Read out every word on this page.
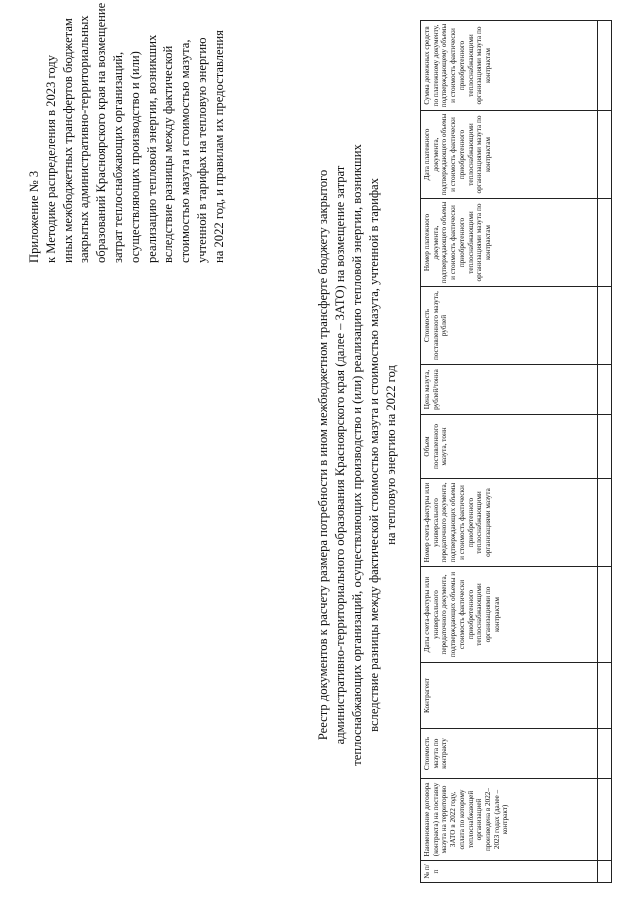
Приложение № 3 к Методике распределения в 2023 году иных межбюджетных трансфертов бюджетам закрытых административно-территориальных образований Красноярского края на возмещение затрат теплоснабжающих организаций, осуществляющих производство и (или) реализацию тепловой энергии, возникших вследствие разницы между фактической стоимостью мазута и стоимостью мазута, учтенной в тарифах на тепловую энергию на 2022 год, и правилам их предоставления
Реестр документов к расчету размера потребности в ином межбюджетном трансферте бюджету закрытого административно-территориального образования Красноярского края (далее – ЗАТО) на возмещение затрат теплоснабжающих организаций, осуществляющих производство и (или) реализацию тепловой энергии, возникших вследствие разницы между фактической стоимостью мазута и стоимостью мазута, учтенной в тарифах на тепловую энергию на 2022 год
№ п/п	Наименование договора (контракта) на поставку мазута на территорию ЗАТО в 2022 году, оплата по которому теплоснабжающей организацией произведена в 2022–2023 годах (далее – контракт)	Стоимость мазута по контракту	Контрагент	Даты счета-фактуры или универсального передаточного документа, подтверждающих объемы и стоимость фактически приобретенного теплоснабжающими организациями по контрактам	Номер счета-фактуры или универсального передаточного документа, подтверждающих объемы и стоимость фактически приобретенного теплоснабжающими организациями мазута	Объем поставленного мазута, тонн	Цена мазута, рублей/тонна	Стоимость поставленного мазута, рублей	Номер платежного документа, подтверждающего объемы и стоимость фактически приобретенного теплоснабжающими организациями мазута по контрактам	Дата платежного документа, подтверждающего объемы и стоимость фактически приобретенного теплоснабжающими организациями мазута по контрактам	Сумма денежных средств по платежному документу, подтверждающему объемы и стоимость фактически приобретенного теплоснабжающими организациями мазута по контрактам
